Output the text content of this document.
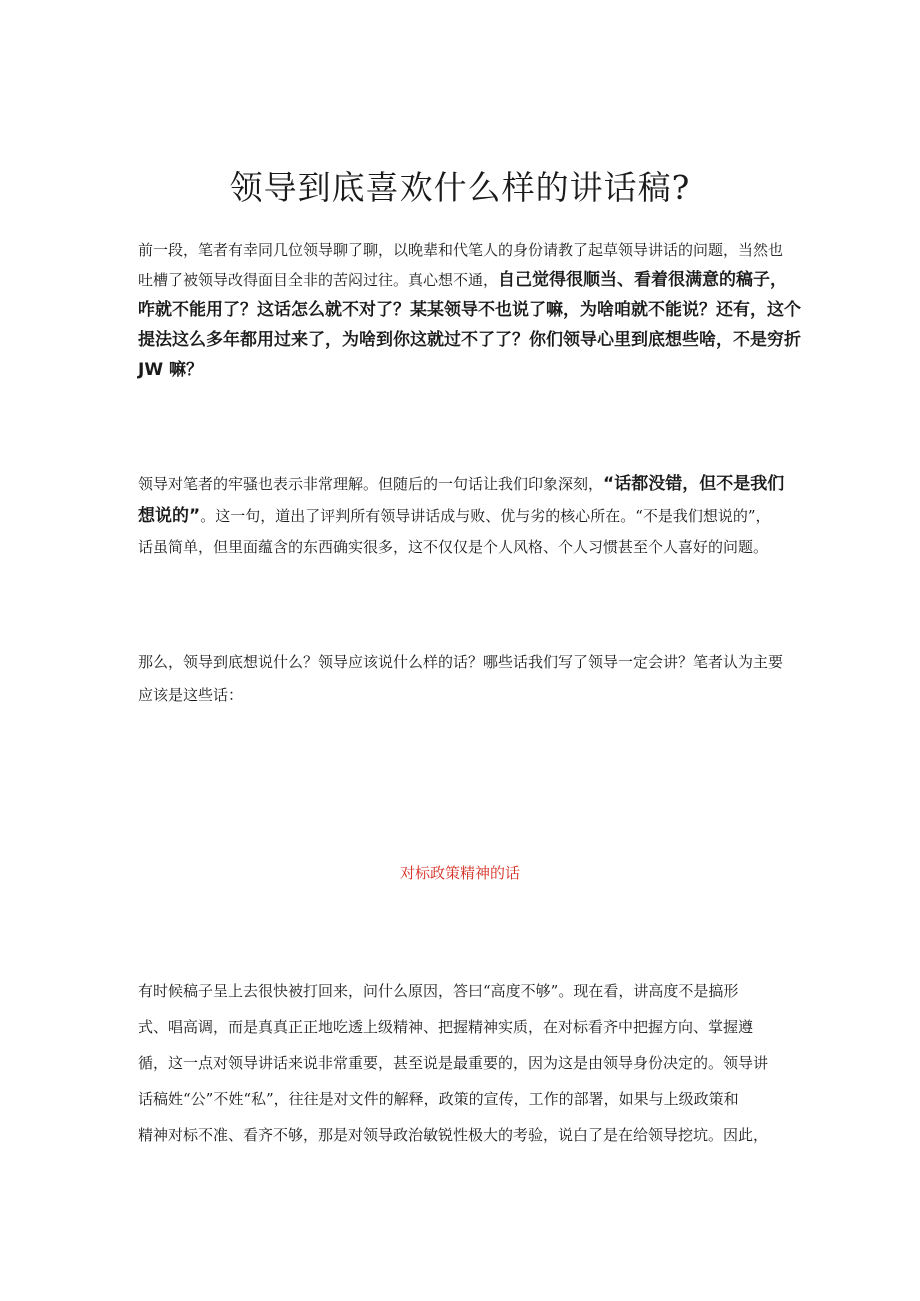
领导到底喜欢什么样的讲话稿?
前一段，笔者有幸同几位领导聊了聊，以晚辈和代笔人的身份请教了起草领导讲话的问题，当然也
吐槽了被领导改得面目全非的苦闷过往。真心想不通，自己觉得很顺当、看着很满意的稿子，
咋就不能用了？这话怎么就不对了？某某领导不也说了嘛，为啥咱就不能说？还有，这个
提法这么多年都用过来了，为啥到你这就过不了了？你们领导心里到底想些啥，不是穷折
JW 嘛？
领导对笔者的牢骚也表示非常理解。但随后的一句话让我们印象深刻，“话都没错，但不是我们
想说的”。这一句，道出了评判所有领导讲话成与败、优与劣的核心所在。“不是我们想说的”，
话虽简单，但里面蕴含的东西确实很多，这不仅仅是个人风格、个人习惯甚至个人喜好的问题。
那么，领导到底想说什么？领导应该说什么样的话？哪些话我们写了领导一定会讲？笔者认为主要
应该是这些话：
对标政策精神的话
有时候稿子呈上去很快被打回来，问什么原因，答曰“高度不够”。现在看，讲高度不是搞形
式、唱高调，而是真真正正地吃透上级精神、把握精神实质，在对标看齐中把握方向、掌握遵
循，这一点对领导讲话来说非常重要，甚至说是最重要的，因为这是由领导身份决定的。领导讲
话稿姓“公”不姓“私”，往往是对文件的解释，政策的宣传，工作的部署，如果与上级政策和
精神对标不准、看齐不够，那是对领导政治敏锐性极大的考验，说白了是在给领导挖坑。因此，
